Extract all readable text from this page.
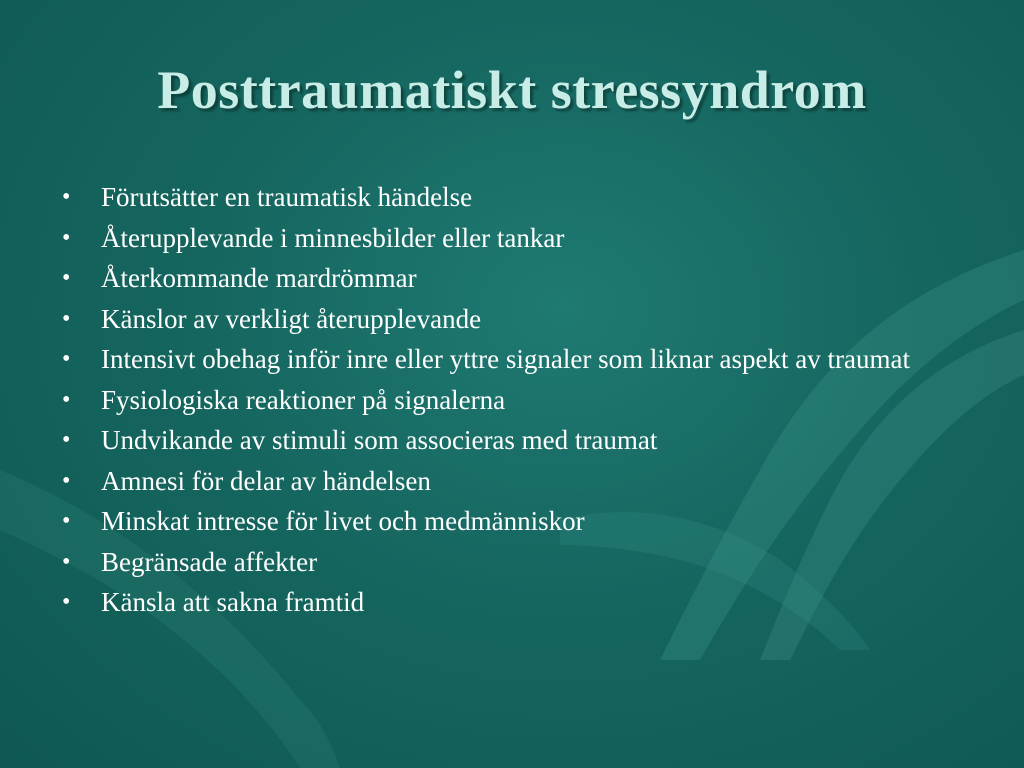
Posttraumatiskt stressyndrom
• Förutsätter en traumatisk händelse
• Återupplevande i minnesbilder eller tankar
• Återkommande mardrömmar
• Känslor av verkligt återupplevande
• Intensivt obehag inför inre eller yttre signaler som liknar aspekt av traumat
• Fysiologiska reaktioner på signalerna
• Undvikande av stimuli som associeras med traumat
• Amnesi för delar av händelsen
• Minskat intresse för livet och medmänniskor
• Begränsade affekter
• Känsla att sakna framtid
